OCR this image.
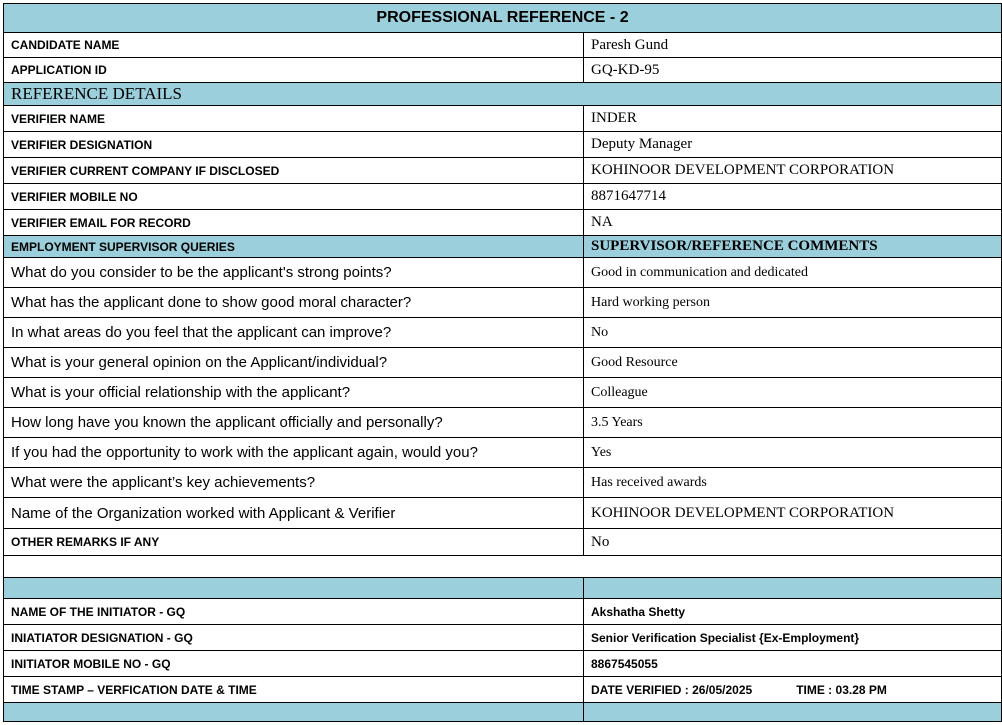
PROFESSIONAL REFERENCE - 2	
CANDIDATE NAME	Paresh Gund
APPLICATION ID	GQ-KD-95
REFERENCE DETAILS	
VERIFIER NAME	INDER
VERIFIER DESIGNATION	Deputy Manager
VERIFIER CURRENT COMPANY IF DISCLOSED	KOHINOOR DEVELOPMENT CORPORATION
VERIFIER MOBILE NO	8871647714
VERIFIER EMAIL FOR RECORD	NA
EMPLOYMENT SUPERVISOR QUERIES	SUPERVISOR/REFERENCE COMMENTS
What do you consider to be the applicant's strong points?	Good in communication and dedicated
What has the applicant done to show good moral character?	Hard working person
In what areas do you feel that the applicant can improve?	No
What is your general opinion on the Applicant/individual?	Good Resource
What is your official relationship with the applicant?	Colleague
How long have you known the applicant officially and personally?	3.5 Years
If you had the opportunity to work with the applicant again, would you?	Yes
What were the applicant’s key achievements?	Has received awards
Name of the Organization worked with Applicant & Verifier	KOHINOOR DEVELOPMENT CORPORATION
OTHER REMARKS IF ANY	No

NAME OF THE INITIATOR - GQ	Akshatha Shetty
INIATIATOR DESIGNATION - GQ	Senior Verification Specialist {Ex-Employment}
INITIATOR MOBILE NO - GQ	8867545055
TIME STAMP – VERFICATION DATE & TIME	DATE VERIFIED : 26/05/2025 TIME : 03.28 PM
